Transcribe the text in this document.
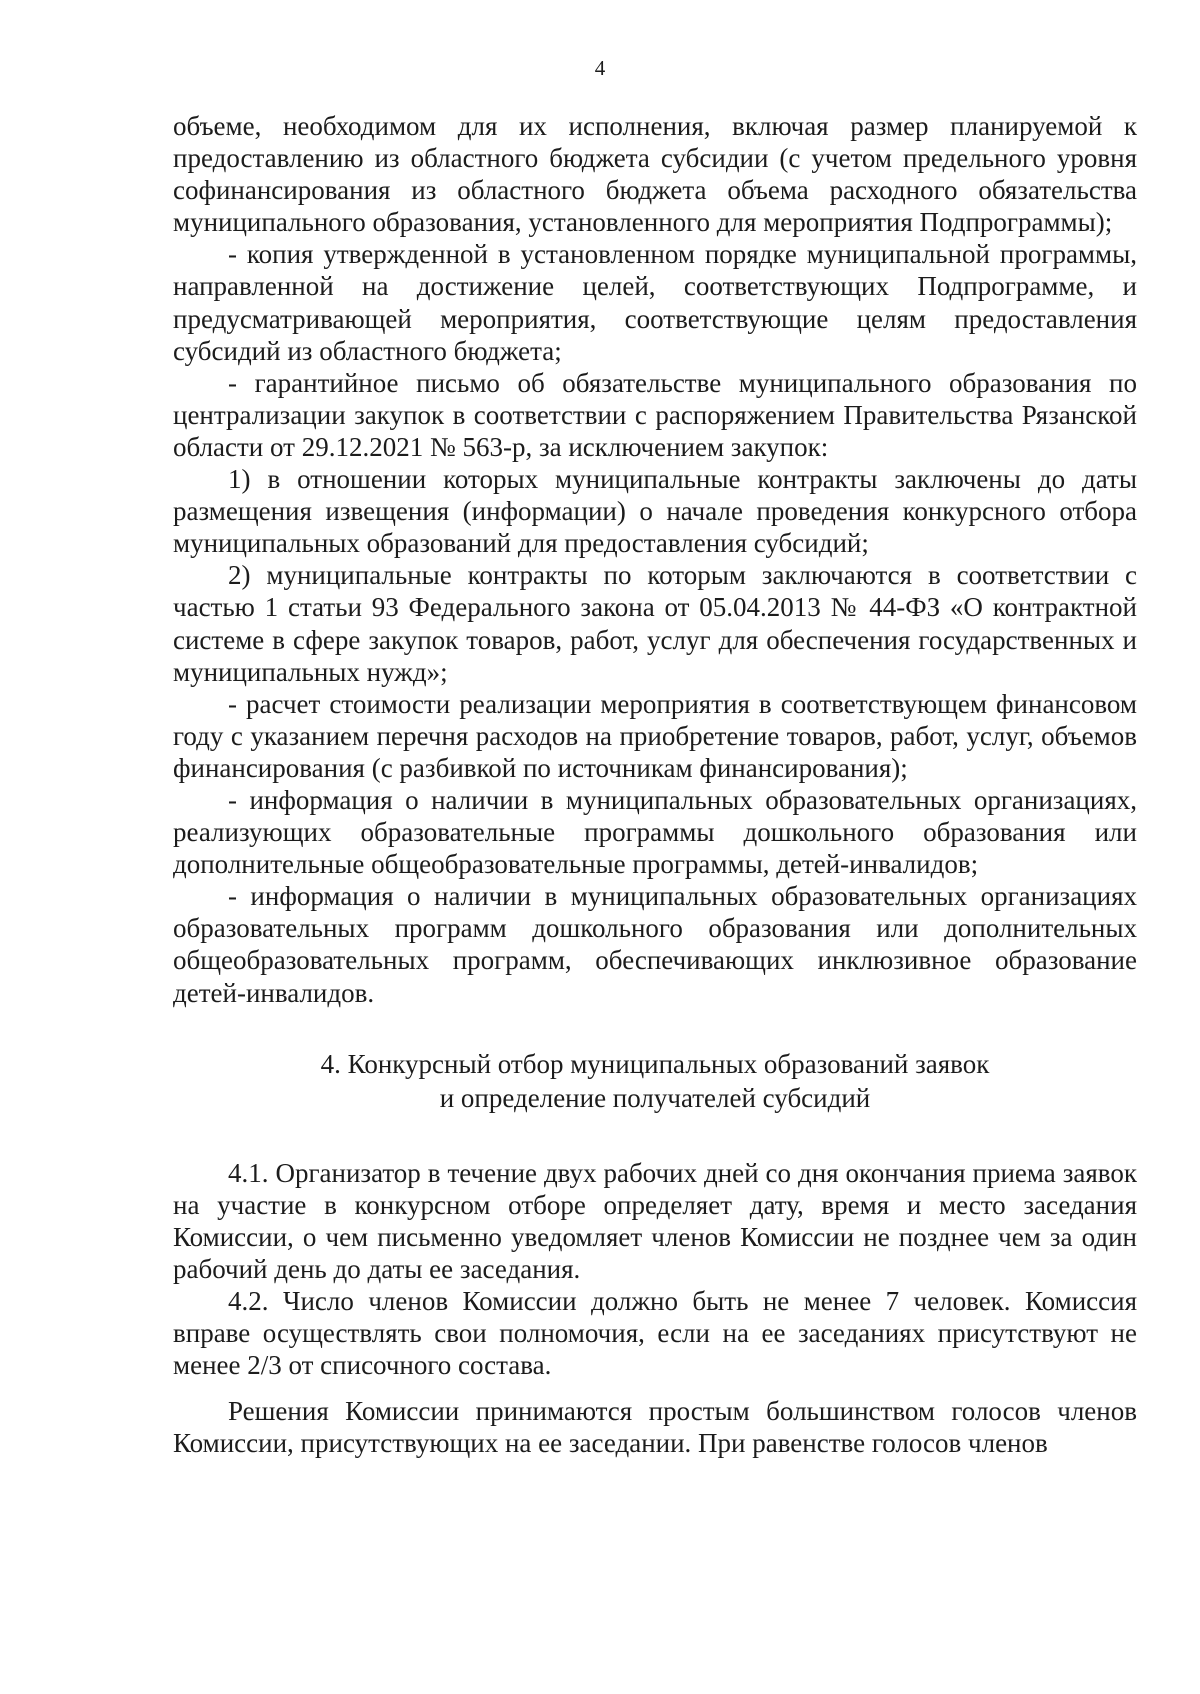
4

объеме, необходимом для их исполнения, включая размер планируемой к предоставлению из областного бюджета субсидии (с учетом предельного уровня софинансирования из областного бюджета объема расходного обязательства муниципального образования, установленного для мероприятия Подпрограммы);

- копия утвержденной в установленном порядке муниципальной программы, направленной на достижение целей, соответствующих Подпрограмме, и предусматривающей мероприятия, соответствующие целям предоставления субсидий из областного бюджета;

- гарантийное письмо об обязательстве муниципального образования по централизации закупок в соответствии с распоряжением Правительства Рязанской области от 29.12.2021 № 563-р, за исключением закупок:

1) в отношении которых муниципальные контракты заключены до даты размещения извещения (информации) о начале проведения конкурсного отбора муниципальных образований для предоставления субсидий;

2) муниципальные контракты по которым заключаются в соответствии с частью 1 статьи 93 Федерального закона от 05.04.2013 № 44-ФЗ «О контрактной системе в сфере закупок товаров, работ, услуг для обеспечения государственных и муниципальных нужд»;

- расчет стоимости реализации мероприятия в соответствующем финансовом году с указанием перечня расходов на приобретение товаров, работ, услуг, объемов финансирования (с разбивкой по источникам финансирования);

- информация о наличии в муниципальных образовательных организациях, реализующих образовательные программы дошкольного образования или дополнительные общеобразовательные программы, детей-инвалидов;

- информация о наличии в муниципальных образовательных организациях образовательных программ дошкольного образования или дополнительных общеобразовательных программ, обеспечивающих инклюзивное образование детей-инвалидов.

4. Конкурсный отбор муниципальных образований заявок
и определение получателей субсидий

4.1. Организатор в течение двух рабочих дней со дня окончания приема заявок на участие в конкурсном отборе определяет дату, время и место заседания Комиссии, о чем письменно уведомляет членов Комиссии не позднее чем за один рабочий день до даты ее заседания.

4.2. Число членов Комиссии должно быть не менее 7 человек. Комиссия вправе осуществлять свои полномочия, если на ее заседаниях присутствуют не менее 2/3 от списочного состава.

Решения Комиссии принимаются простым большинством голосов членов Комиссии, присутствующих на ее заседании. При равенстве голосов членов
